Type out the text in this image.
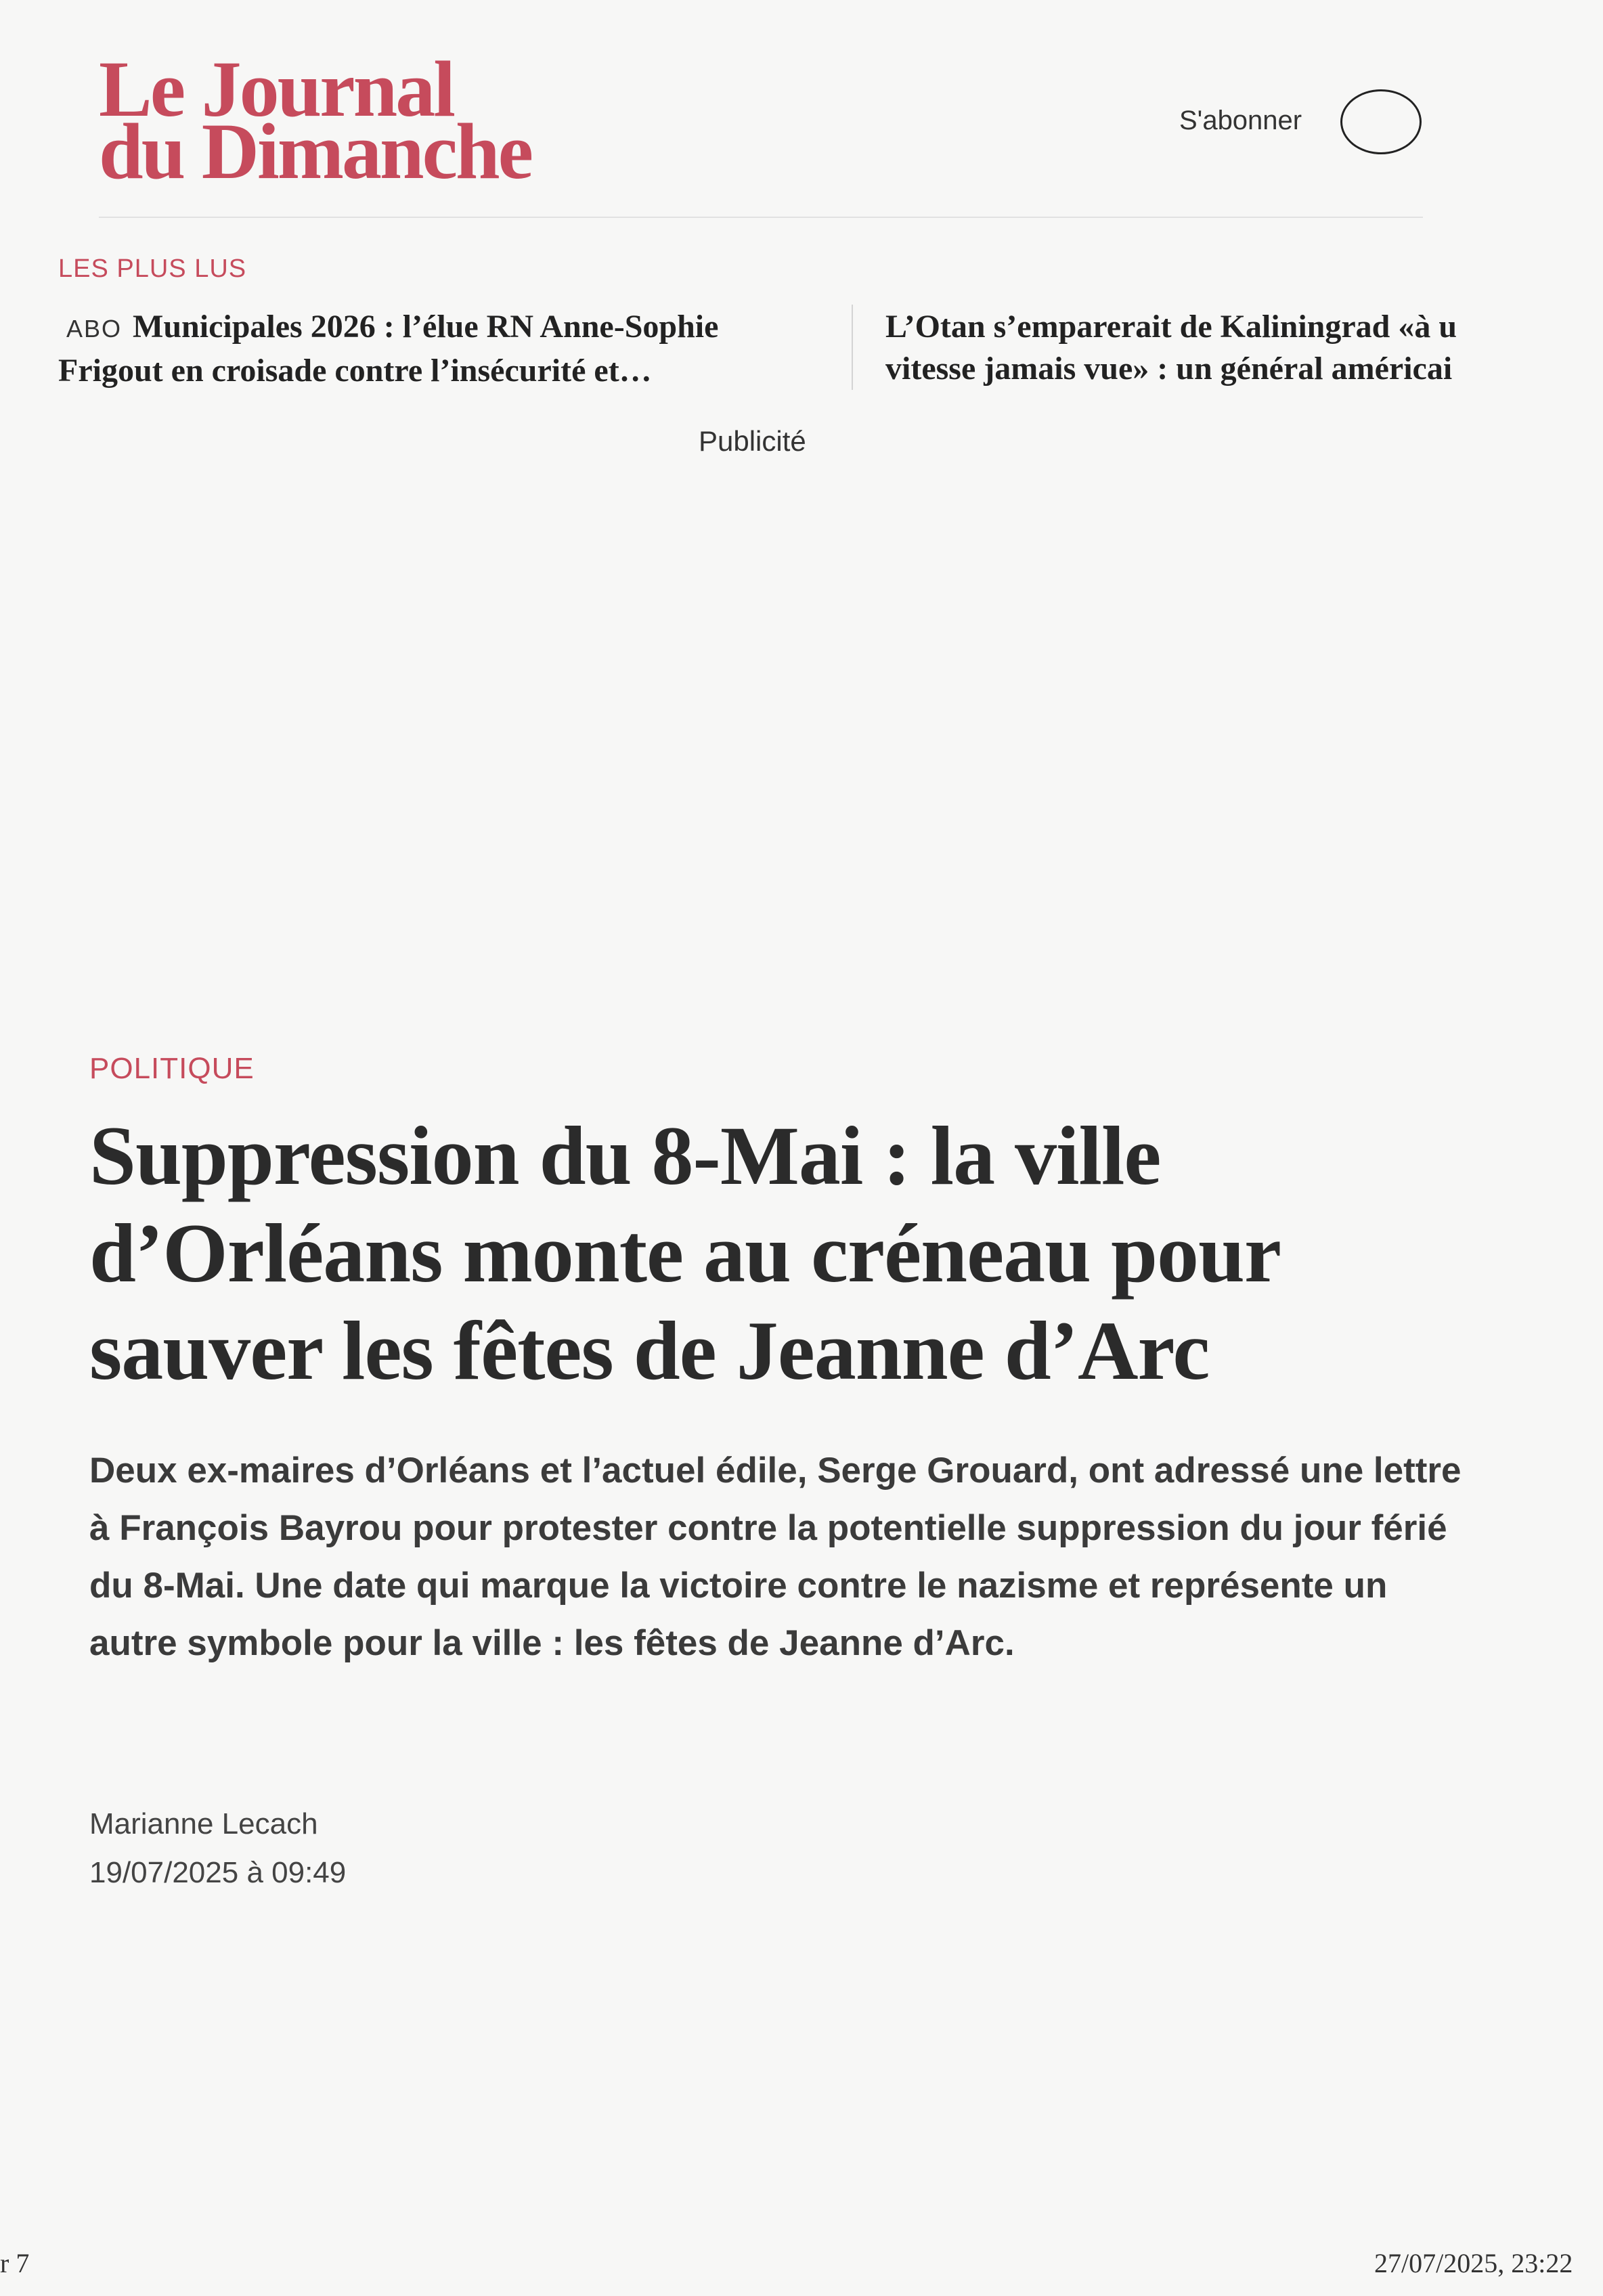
Le Journal
du Dimanche	S'abonner
LES PLUS LUS
ABO Municipales 2026 : l’élue RN Anne-Sophie Frigout en croisade contre l’insécurité et…
L’Otan s’emparerait de Kaliningrad «à u
vitesse jamais vue» : un général américai
Publicité
POLITIQUE
Suppression du 8-Mai : la ville d’Orléans monte au créneau pour sauver les fêtes de Jeanne d’Arc

Deux ex-maires d’Orléans et l’actuel édile, Serge Grouard, ont adressé une lettre à François Bayrou pour protester contre la potentielle suppression du jour férié du 8-Mai. Une date qui marque la victoire contre le nazisme et représente un autre symbole pour la ville : les fêtes de Jeanne d’Arc.

Marianne Lecach
19/07/2025 à 09:49
r 7	27/07/2025, 23:22
